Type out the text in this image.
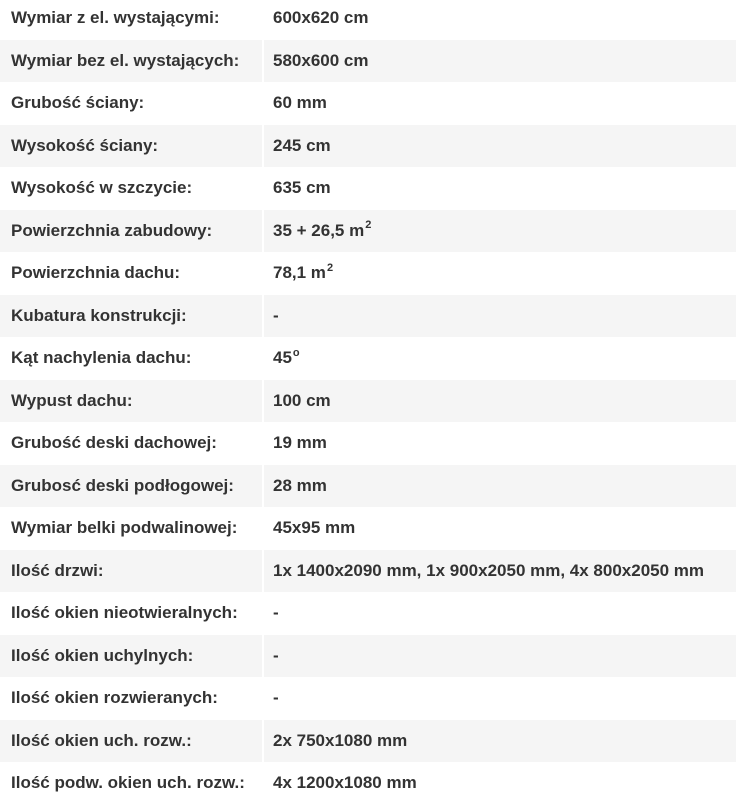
Wymiar z el. wystającymi:	600x620 cm
Wymiar bez el. wystających:	580x600 cm
Grubość ściany:	60 mm
Wysokość ściany:	245 cm
Wysokość w szczycie:	635 cm
Powierzchnia zabudowy:	35 + 26,5 $m^2$
Powierzchnia dachu:	78,1 $m^2$
Kubatura konstrukcji:	-
Kąt nachylenia dachu:	45$^o$
Wypust dachu:	100 cm
Grubość deski dachowej:	19 mm
Grubosć deski podłogowej:	28 mm
Wymiar belki podwalinowej:	45x95 mm
Ilość drzwi:	1x 1400x2090 mm, 1x 900x2050 mm, 4x 800x2050 mm
Ilość okien nieotwieralnych:	-
Ilość okien uchylnych:	-
Ilość okien rozwieranych:	-
Ilość okien uch. rozw.:	2x 750x1080 mm
Ilość podw. okien uch. rozw.:	4x 1200x1080 mm
